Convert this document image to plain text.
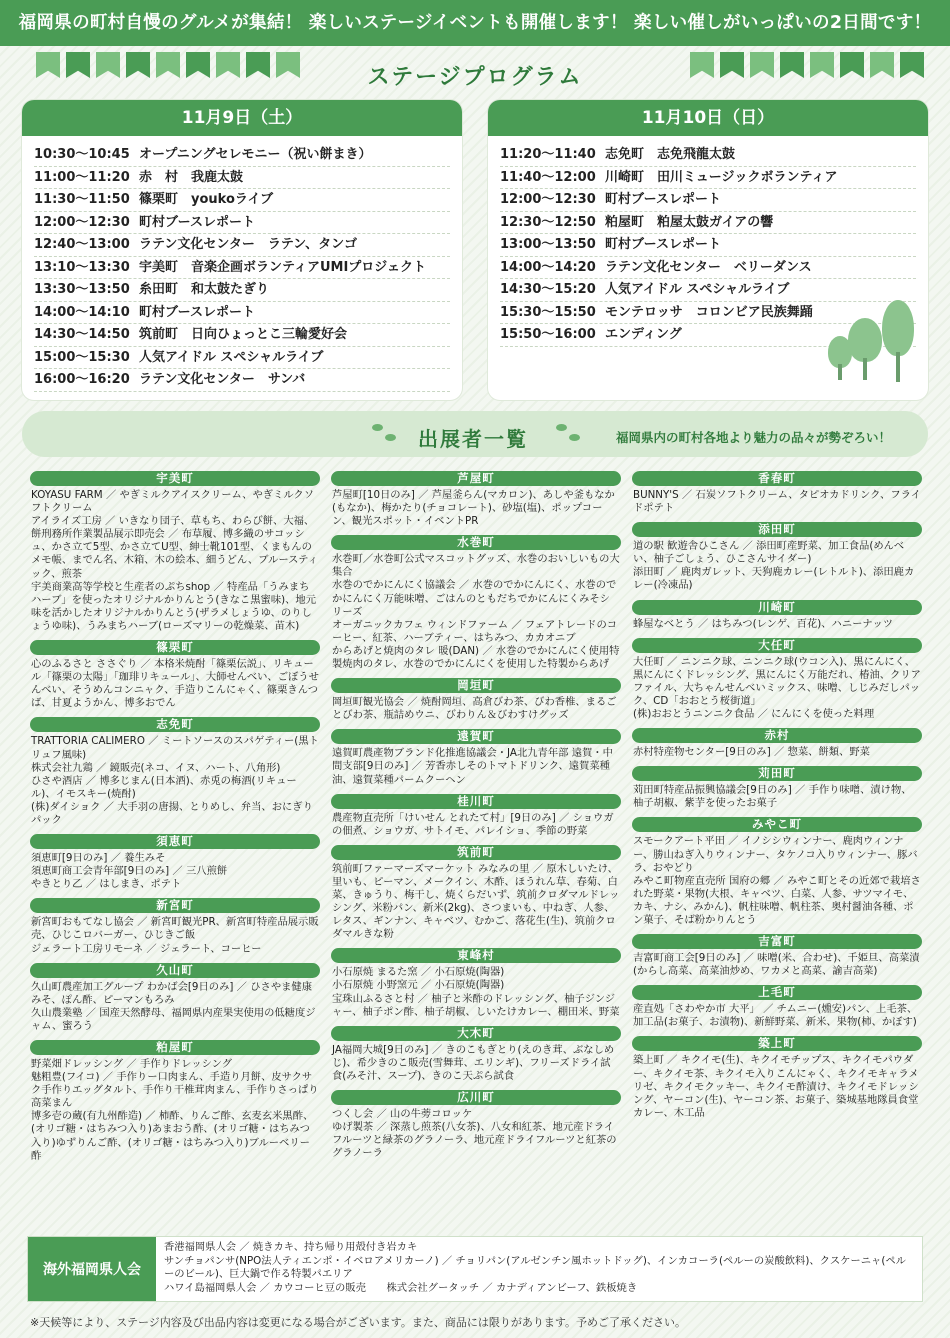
福岡県の町村自慢のグルメが集結！ 楽しいステージイベントも開催します！ 楽しい催しがいっぱいの2日間です！
ステージプログラム
11月9日（土）
10:30～10:45 オープニングセレモニー（祝い餅まき）
11:00～11:20 赤　村　我鹿太鼓
11:30～11:50 篠栗町　youkoライブ
12:00～12:30 町村ブースレポート
12:40～13:00 ラテン文化センター　ラテン、タンゴ
13:10～13:30 宇美町　音楽企画ボランティアUMIプロジェクト
13:30～13:50 糸田町　和太鼓たぎり
14:00～14:10 町村ブースレポート
14:30～14:50 筑前町　日向ひょっとこ三輪愛好会
15:00～15:30 人気アイドル スペシャルライブ
16:00～16:20 ラテン文化センター　サンバ
11月10日（日）
11:20～11:40 志免町　志免飛龍太鼓
11:40～12:00 川崎町　田川ミュージックボランティア
12:00～12:30 町村ブースレポート
12:30～12:50 粕屋町　粕屋太鼓ガイアの響
13:00～13:50 町村ブースレポート
14:00～14:20 ラテン文化センター　ベリーダンス
14:30～15:20 人気アイドル スペシャルライブ
15:30～15:50 モンテロッサ　コロンビア民族舞踊
15:50～16:00 エンディング
出展者一覧	福岡県内の町村各地より魅力の品々が勢ぞろい！
宇美町
KOYASU FARM ／ やぎミルクアイスクリーム、やぎミルクソフトクリーム
アイライズ工房 ／ いきなり団子、草もち、わらび餅、大福、餅刑務所作業製品展示即売会 ／ 布草履、博多織のサコッシュ、かさ立て5型、かさ立てU型、紳士靴101型、くまもんのメモ帳、までん名、木箱、木の絵本、細うどん、ブルースティック、煎茶
宇美商業高等学校と生産者のぷちshop ／ 特産品「うみまちハーブ」を使ったオリジナルかりんとう(きなこ黒蜜味)、地元味を活かしたオリジナルかりんとう(ザラメしょうゆ、のりしょうゆ味)、うみまちハーブ(ローズマリーの乾燥菜、苗木)
篠栗町
心のふるさと ささぐり ／ 本格米焼酎「篠栗伝説」、リキュール「篠栗の太陽」「珈琲リキュール」、大師せんべい、ごぼうせんべい、そうめんコンニャク、手造りこんにゃく、篠栗きんつば、甘夏ようかん、博多おでん
志免町
TRATTORIA CALIMERO ／ ミートソースのスパゲティー(黒トリュフ風味)
株式会社九鶏 ／ 鏡販売(ネコ、イヌ、ハート、八角形)
ひさや酒店 ／ 博多じまん(日本酒)、赤兎の梅酒(リキュール)、イモスキー(焼酎)
(株)ダイショク ／ 大手羽の唐揚、とりめし、弁当、おにぎりパック
須恵町
須恵町[9日のみ] ／ 養生みそ
須恵町商工会青年部[9日のみ] ／ 三八煎餅
やきとり乙 ／ はしまき、ポテト
新宮町
新宮町おもてなし協会 ／ 新宮町観光PR、新宮町特産品展示販売、ひじこロバーガー、ひじきご飯
ジェラート工房リモーネ ／ ジェラート、コーヒー
久山町
久山町農産加工グループ わかば会[9日のみ] ／ ひさやま健康みそ、ぽん酢、ピーマンもろみ
久山農業塾 ／ 国産天然酵母、福岡県内産果実使用の低糖度ジャム、蜜ろう
粕屋町
野菜畑ドレッシング ／ 手作りドレッシング
魅粗豊(フイコ) ／ 手作りー口肉まん、手造り月餅、皮サクサク手作りエッグタルト、手作り干椎茸肉まん、手作りさっぱり高菜まん
博多壱の蔵(有九州酢造) ／ 柿酢、りんご酢、玄麦玄米黒酢、(オリゴ糖・はちみつ入り)あまおう酢、(オリゴ糖・はちみつ入り)ゆずりんご酢、(オリゴ糖・はちみつ入り)ブルーベリー酢
芦屋町
芦屋町[10日のみ] ／ 芦屋釜らん(マカロン)、あしや釜もなか(もなか)、梅かたり(チョコレート)、砂塩(塩)、ポップコーン、観光スポット・イベントPR
水巻町
水巻町／水巻町公式マスコットグッズ、水巻のおいしいもの大集合
水巻のでかにんにく協議会 ／ 水巻のでかにんにく、水巻のでかにんにく万能味噌、ごはんのともだちでかにんにくみそシリーズ
オーガニックカフェ ウィンドファーム ／ フェアトレードのコーヒー、紅茶、ハーブティー、はちみつ、カカオニブ
からあげと焼肉のタレ 暖(DAN) ／ 水巻のでかにんにく使用特製焼肉のタレ、水巻のでかにんにくを使用した特製からあげ
岡垣町
岡垣町観光協会 ／ 焼酎岡垣、高倉びわ茶、びわ香椎、まるごとびわ茶、瓶詰めウニ、びわりん＆びわすけグッズ
遠賀町
遠賀町農產物ブランド化推進協議会・JA北九青年部 遠賀・中間支部[9日のみ] ／ 芳香赤しそのトマトドリンク、遠賀菜種油、遠賀菜種パームクーヘン
桂川町
農産物直売所「けいせん とれたて村」[9日のみ] ／ ショウガの佃煮、ショウガ、サトイモ、パレイショ、季節の野菜
筑前町
筑前町ファーマーズマーケット みなみの里 ／ 原木しいたけ、里いも、ピーマン、メークイン、木酢、ほうれん草、春菊、白菜、きゅうり、梅干し、焼くらだいず、筑前クロダマルドレッシング、米粉パン、新米(2kg)、さつまいも、中ねぎ、人参、レタス、ギンナン、キャベツ、むかご、落花生(生)、筑前クロダマルきな粉
東峰村
小石原焼 まるた窯 ／ 小石原焼(陶器)
小石原焼 小野窯元 ／ 小石原焼(陶器)
宝珠山ふるさと村 ／ 柚子と米酢のドレッシング、柚子ジンジャー、柚子ポン酢、柚子胡椒、しいたけカレー、棚田米、野菜
大木町
JA福岡大城[9日のみ] ／ きのこもぎとり(えのき茸、ぶなしめじ)、希少きのこ販売(雪舞茸、エリンギ)、フリーズドライ試食(みそ汁、スープ)、きのこ天ぷら試食
広川町
つくし会 ／ 山の牛蒡コロッケ
ゆげ製茶 ／ 深蒸し煎茶(八女茶)、八女和紅茶、地元産ドライフルーツと緑茶のグラノーラ、地元産ドライフルーツと紅茶のグラノーラ
香春町
BUNNY'S ／ 石炭ソフトクリーム、タピオカドリンク、フライドポテト
添田町
道の駅 歓遊舎ひこさん ／ 添田町産野菜、加工食品(めんべい、柚子ごしょう、ひこさんサイダー)
添田町 ／ 鹿肉ガレット、天狗鹿カレー(レトルト)、添田鹿カレー(冷凍品)
川崎町
蜂屋なべとう ／ はちみつ(レンゲ、百花)、ハニーナッツ
大任町
大任町 ／ ニンニク球、ニンニク球(ウコン入)、黒にんにく、黒にんにくドレッシング、黒にんにく万能だれ、椿油、クリアファイル、大ちゃんせんべいミックス、味噌、しじみだしパック、CD「おおとう桜街道」
(株)おおとうニンニク食品 ／ にんにくを使った料理
赤村
赤村特産物センター[9日のみ] ／ 惣菜、餅類、野菜
苅田町
苅田町特産品振興協議会[9日のみ] ／ 手作り味噌、漬け物、柚子胡椒、紫芋を使ったお菓子
みやこ町
スモークアート平田 ／ イノシシウィンナー、鹿肉ウィンナー、勝山ねぎ入りウィンナー、タケノコ入りウィンナー、豚バラ、おやどり
みやこ町物産直売所 国府の郷 ／ みやこ町とその近郊で栽培された野菜・果物(大根、キャベツ、白菜、人参、サツマイモ、カキ、ナシ、みかん)、帆柱味噌、帆柱茶、奥村醤油各種、ポン菓子、そば粉かりんとう
吉富町
吉富町商工会[9日のみ] ／ 味噌(米、合わせ)、千姫旦、高菜漬(からし高菜、高菜油炒め、ワカメと高菜、諭吉高菜)
上毛町
産直処「さわやか市 大平」 ／ チムニー(燻安)パン、上毛茶、加工品(お菓子、お漬物)、新鮮野菜、新米、果物(柿、かぼす)
築上町
築上町 ／ キクイモ(生)、キクイモチップス、キクイモパウダー、キクイモ茶、キクイモ入りこんにゃく、キクイモキャラメリゼ、キクイモクッキー、キクイモ酢漬け、キクイモドレッシング、ヤーコン(生)、ヤーコン茶、お菓子、築城基地隊員食堂カレー、木工品
海外福岡県人会
香港福岡県人会 ／ 焼きカキ、持ち帰り用殻付き岩カキ
サンチョパンサ(NPO法人ティエンポ・イベロアメリカーノ) ／ チョリパン(アルゼンチン風ホットドッグ)、インカコーラ(ペルーの炭酸飲料)、クスケーニャ(ペルーのビール)、巨大鍋で作る特製パエリア
ハワイ島福岡県人会 ／ カウコーヒ豆の販売　　株式会社グータッチ ／ カナディアンビーフ、鉄板焼き
※天候等により、ステージ内容及び出品内容は変更になる場合がございます。また、商品には限りがあります。予めご了承ください。
